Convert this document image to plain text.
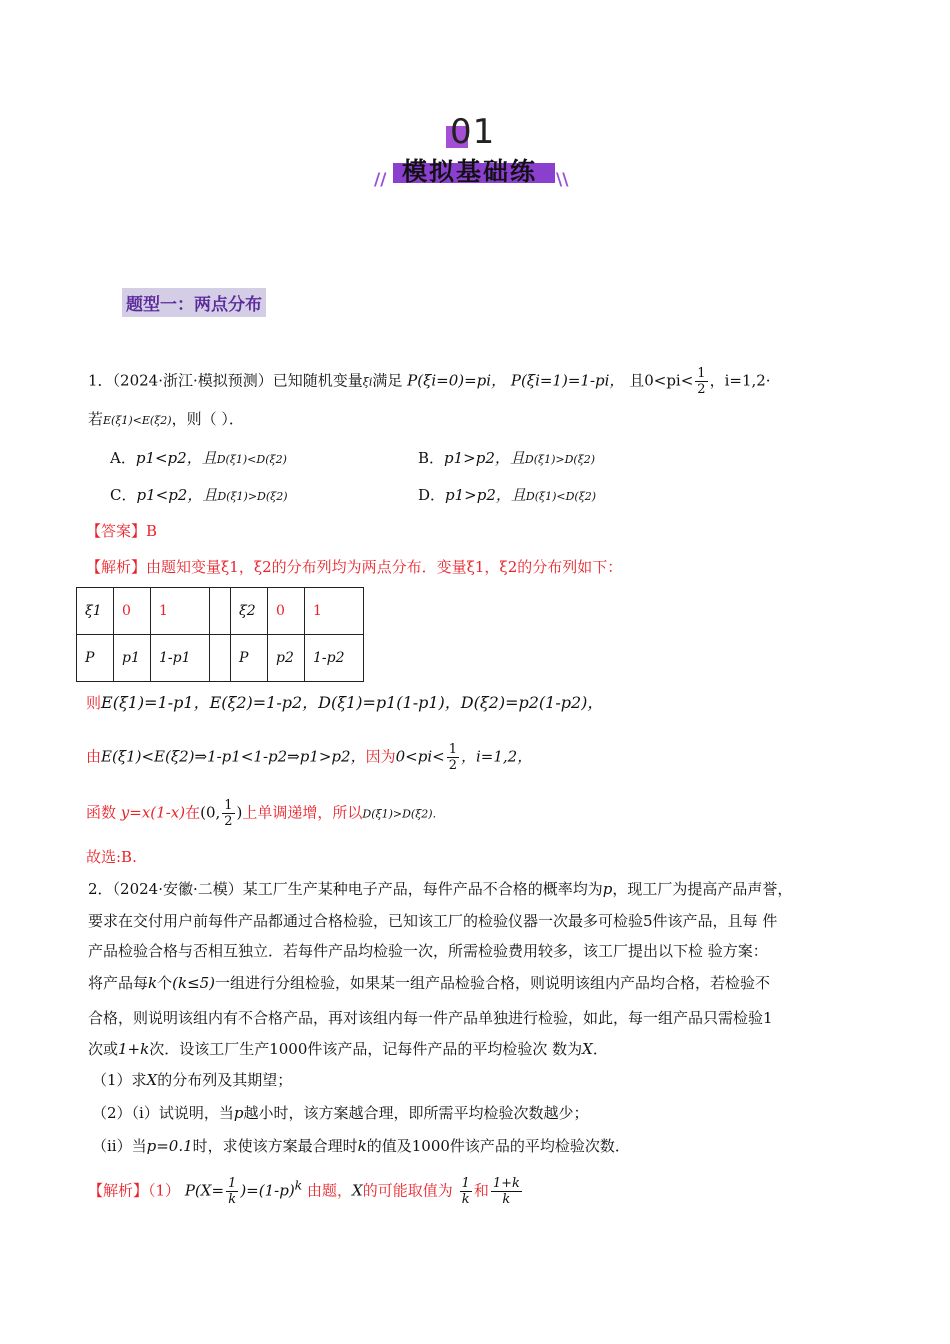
01
模拟基础练
//	\\
题型一：两点分布
1．（2024·浙江·模拟预测）已知随机变量ξi满足 P(ξi=0)=pi， P(ξi=1)=1-pi， 且$0<pi< \frac{1}{2}$ ，i=1,2·
若E(ξ1)<E(ξ2)，则（ ）．
A．p1<p2，且D(ξ1)<D(ξ2)	B．p1>p2，且D(ξ1)>D(ξ2)
C．p1<p2，且D(ξ1)>D(ξ2)	D．p1>p2，且D(ξ1)<D(ξ2)
【答案】B
【解析】由题知变量ξ1，ξ2的分布列均为两点分布．变量ξ1，ξ2的分布列如下：
ξ1	0	1		ξ2	0	1
P	p1	1-p1		P	p2	1-p2
则E(ξ1)=1-p1，E(ξ2)=1-p2，D(ξ1)=p1(1-p1)，D(ξ2)=p2(1-p2)，
由E(ξ1)<E(ξ2)⇒1-p1<1-p2⇒p1>p2，因为$0<pi< \frac{1}{2}$ ，i=1,2，
函数 y=x(1-x)在(0, $\frac{1}{2}$ )上单调递增，所以D(ξ1)>D(ξ2)．
故选:B.
2．（2024·安徽·二模）某工厂生产某种电子产品，每件产品不合格的概率均为p，现工厂为提高产品声誉，
要求在交付用户前每件产品都通过合格检验，已知该工厂的检验仪器一次最多可检验5件该产品，且每 件
产品检验合格与否相互独立．若每件产品均检验一次，所需检验费用较多，该工厂提出以下检 验方案：
将产品每k个(k≤5)一组进行分组检验，如果某一组产品检验合格，则说明该组内产品均合格，若检验不
合格，则说明该组内有不合格产品，再对该组内每一件产品单独进行检验，如此，每一组产品只需检验1
次或1+k次．设该工厂生产1000件该产品，记每件产品的平均检验次 数为X．
（1）求X的分布列及其期望；
（2）（i）试说明，当p越小时，该方案越合理，即所需平均检验次数越少；
（ii）当p=0.1时，求使该方案最合理时k的值及1000件该产品的平均检验次数．
【解析】（1） $P(X= \frac{1}{k} )=(1-p)^k$ 由题，X的可能取值为 $\frac{1}{k}$ 和 $\frac{1+k}{k}$
